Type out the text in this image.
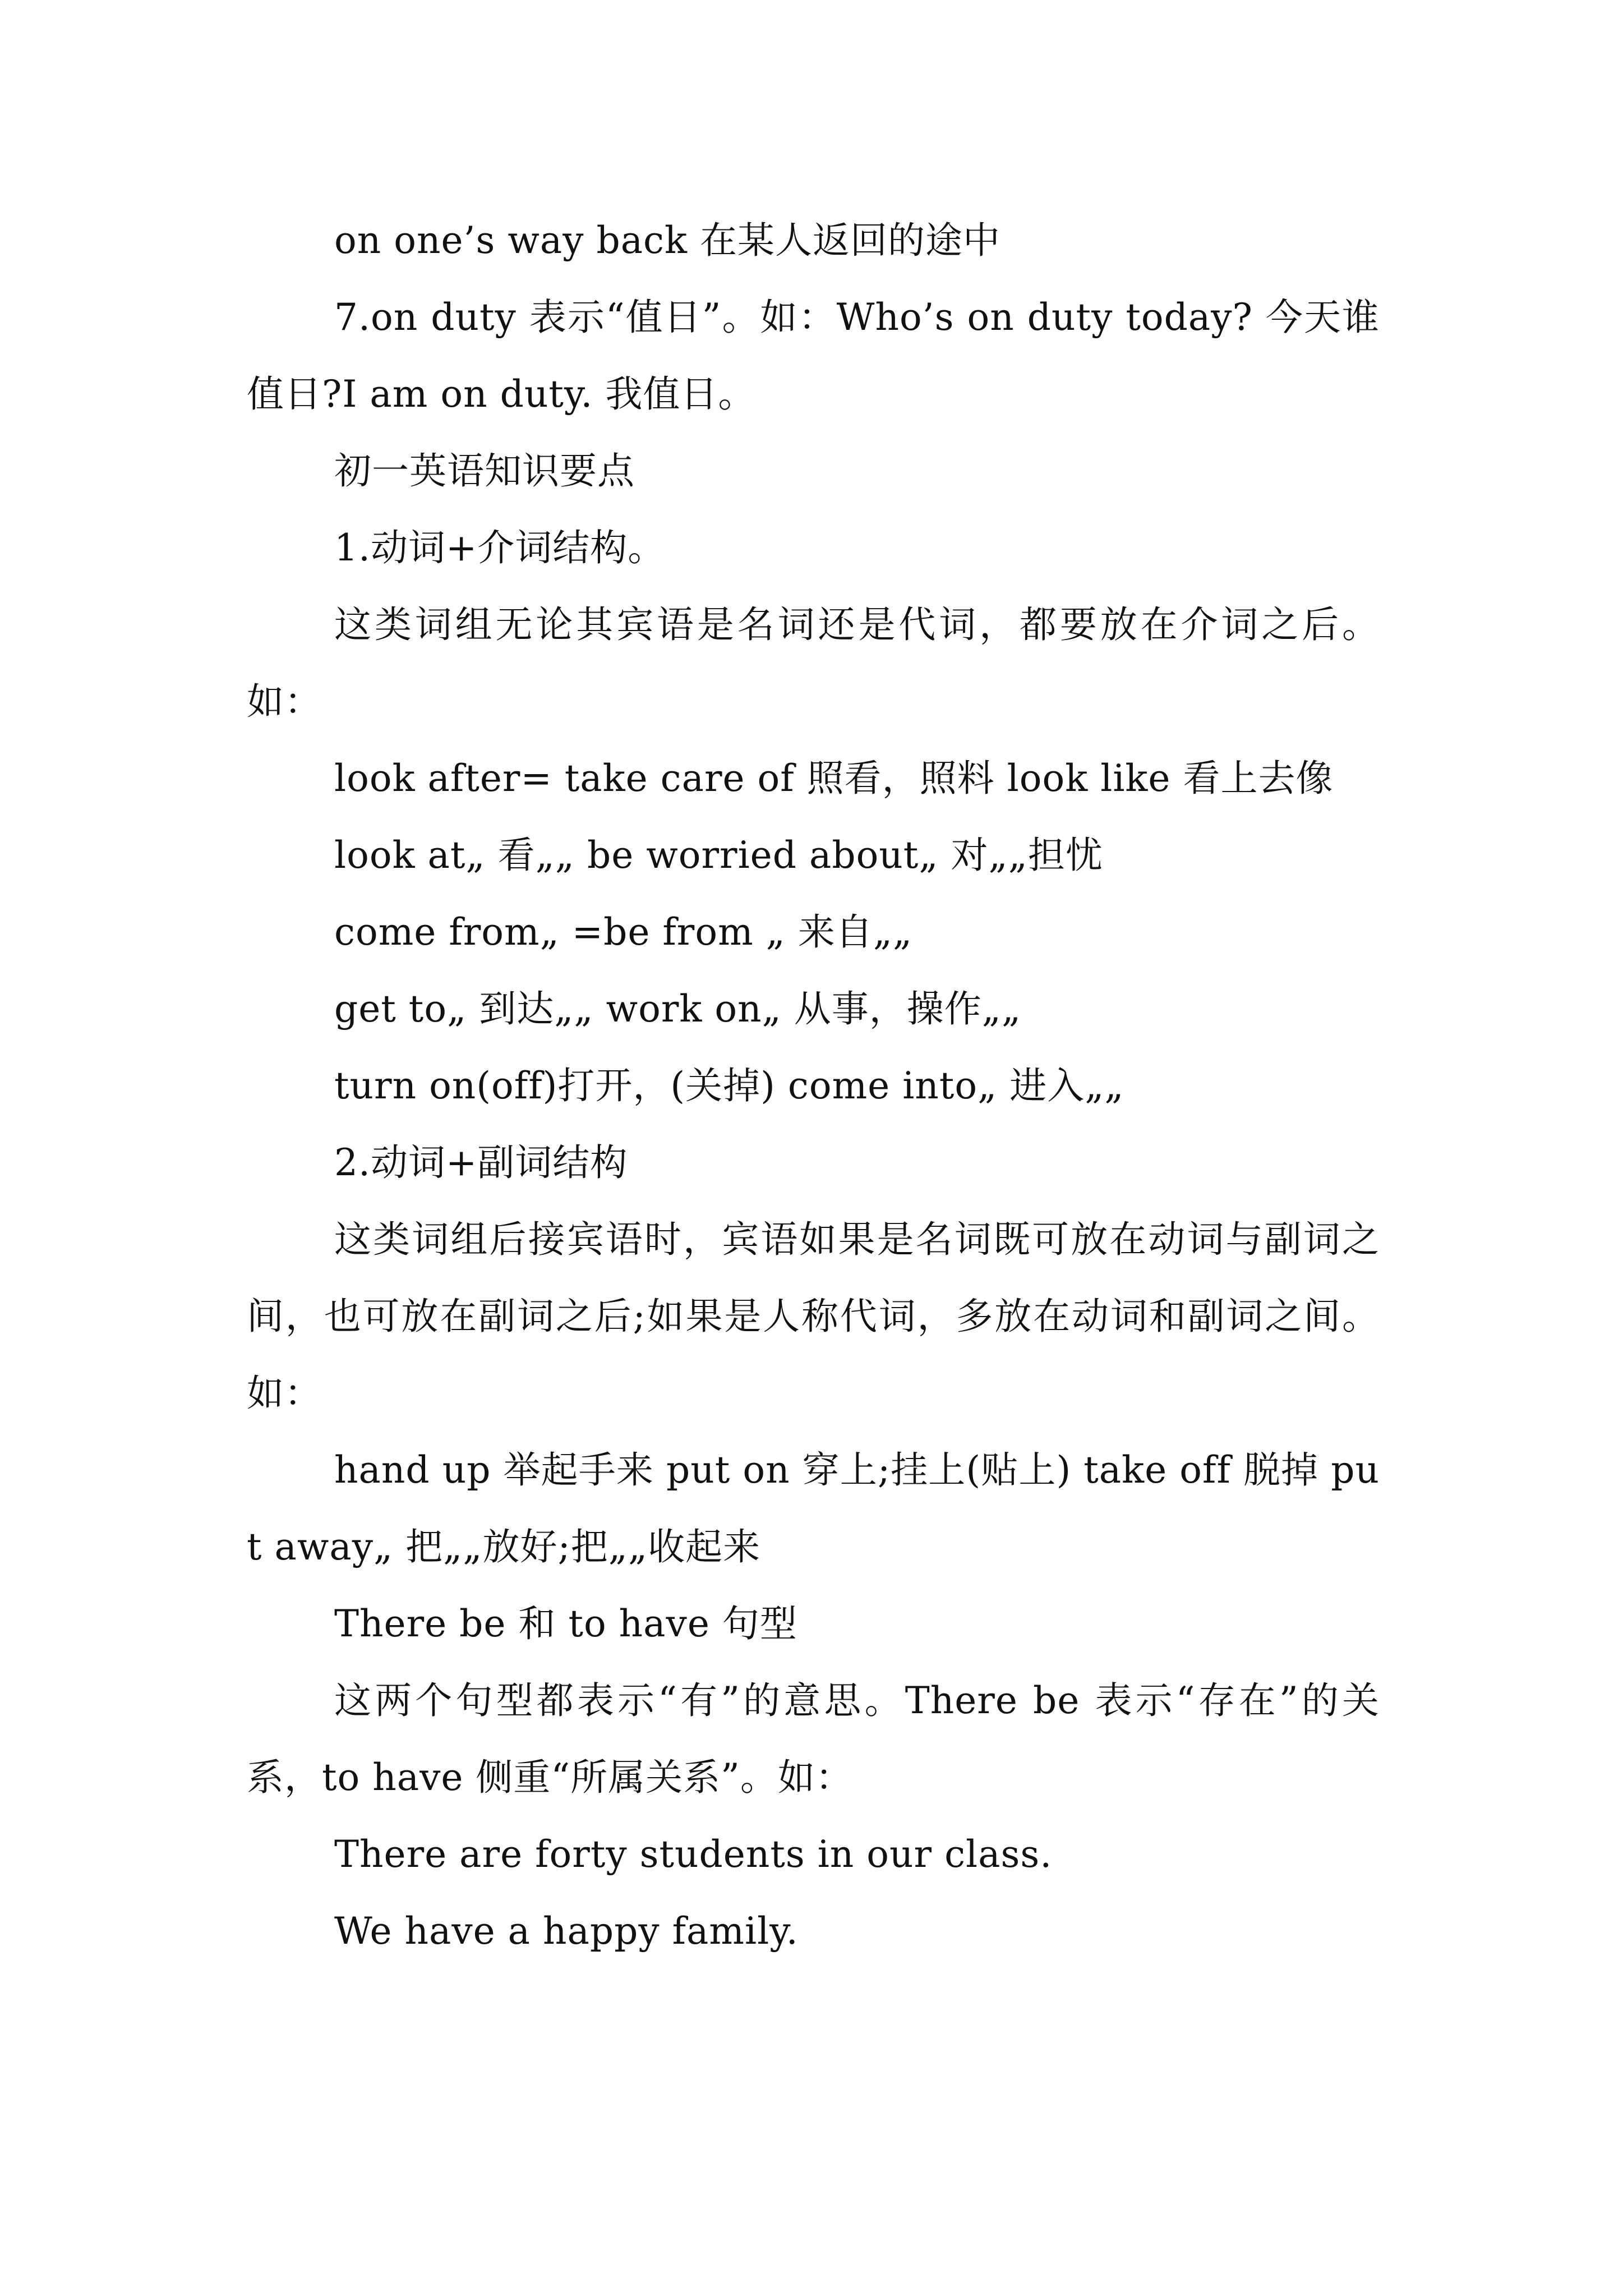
on one’s way back 在某人返回的途中

7.on duty 表示“值日”。如：Who’s on duty today? 今天谁值日?I am on duty. 我值日。

初一英语知识要点

1.动词+介词结构。

这类词组无论其宾语是名词还是代词，都要放在介词之后。如：

look after= take care of 照看，照料 look like 看上去像

look at„ 看„„ be worried about„ 对„„担忧

come from„ =be from „ 来自„„

get to„ 到达„„ work on„ 从事，操作„„

turn on(off)打开，(关掉) come into„ 进入„„

2.动词+副词结构

这类词组后接宾语时，宾语如果是名词既可放在动词与副词之间，也可放在副词之后;如果是人称代词，多放在动词和副词之间。如：

hand up 举起手来 put on 穿上;挂上(贴上) take off 脱掉 put away„ 把„„放好;把„„收起来

There be 和 to have 句型

这两个句型都表示“有”的意思。There be 表示“存在”的关系，to have 侧重“所属关系”。如：

There are forty students in our class.

We have a happy family.
